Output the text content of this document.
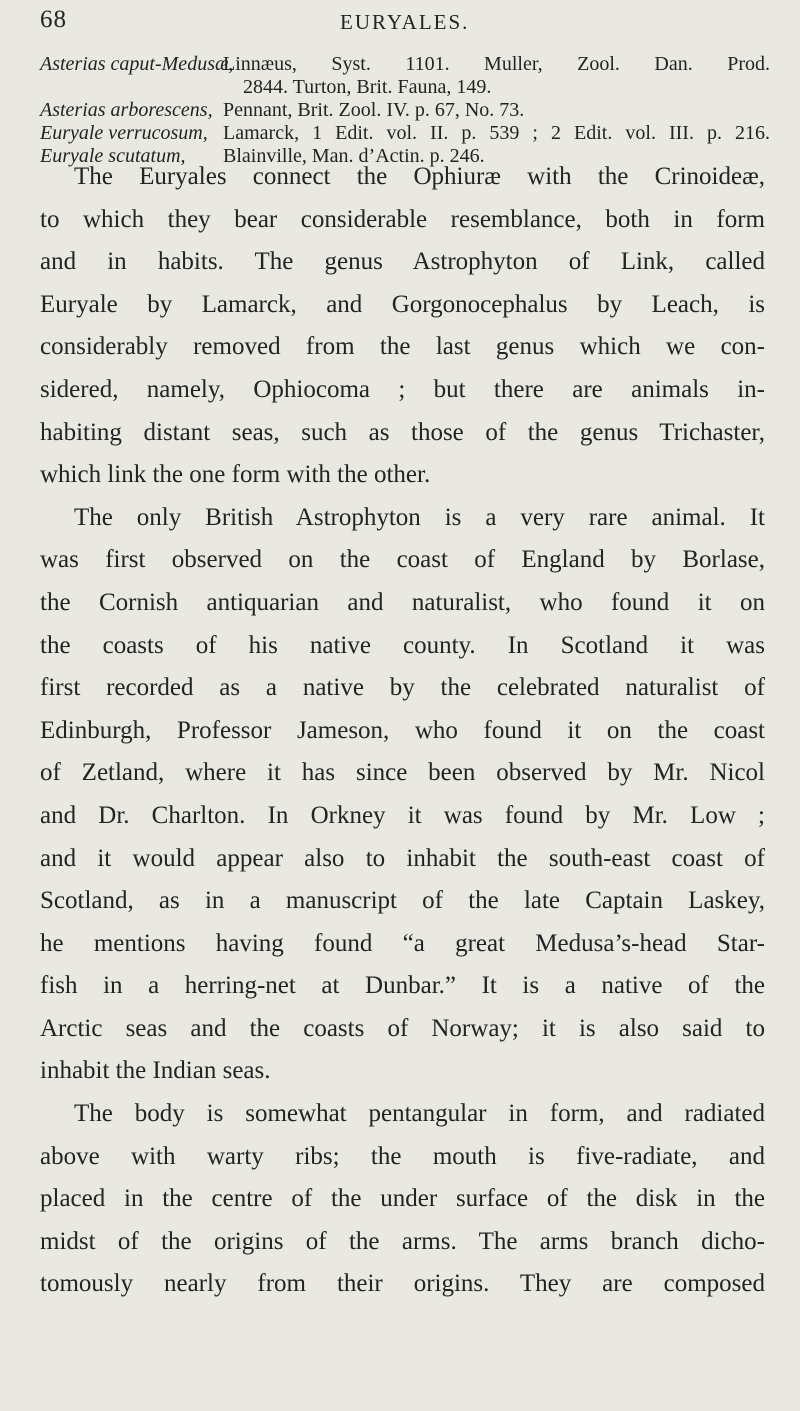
68	EURYALES.
Asterias caput-Medusæ,
Linnæus, Syst. 1101. Muller, Zool. Dan. Prod.
2844. Turton, Brit. Fauna, 149.
Asterias arborescens, Pennant, Brit. Zool. IV. p. 67, No. 73.
Euryale verrucosum, Lamarck, 1 Edit. vol. II. p. 539 ; 2 Edit. vol. III. p. 216.
Euryale scutatum, Blainville, Man. d’Actin. p. 246.
The Euryales connect the Ophiuræ with the Crinoideæ,
to which they bear considerable resemblance, both in form
and in habits. The genus Astrophyton of Link, called
Euryale by Lamarck, and Gorgonocephalus by Leach, is
considerably removed from the last genus which we con-
sidered, namely, Ophiocoma ; but there are animals in-
habiting distant seas, such as those of the genus Trichaster,
which link the one form with the other.
The only British Astrophyton is a very rare animal. It
was first observed on the coast of England by Borlase,
the Cornish antiquarian and naturalist, who found it on
the coasts of his native county. In Scotland it was
first recorded as a native by the celebrated naturalist of
Edinburgh, Professor Jameson, who found it on the coast
of Zetland, where it has since been observed by Mr. Nicol
and Dr. Charlton. In Orkney it was found by Mr. Low ;
and it would appear also to inhabit the south-east coast of
Scotland, as in a manuscript of the late Captain Laskey,
he mentions having found “a great Medusa’s-head Star-
fish in a herring-net at Dunbar.” It is a native of the
Arctic seas and the coasts of Norway; it is also said to
inhabit the Indian seas.
The body is somewhat pentangular in form, and radiated
above with warty ribs; the mouth is five-radiate, and
placed in the centre of the under surface of the disk in the
midst of the origins of the arms. The arms branch dicho-
tomously nearly from their origins. They are composed
